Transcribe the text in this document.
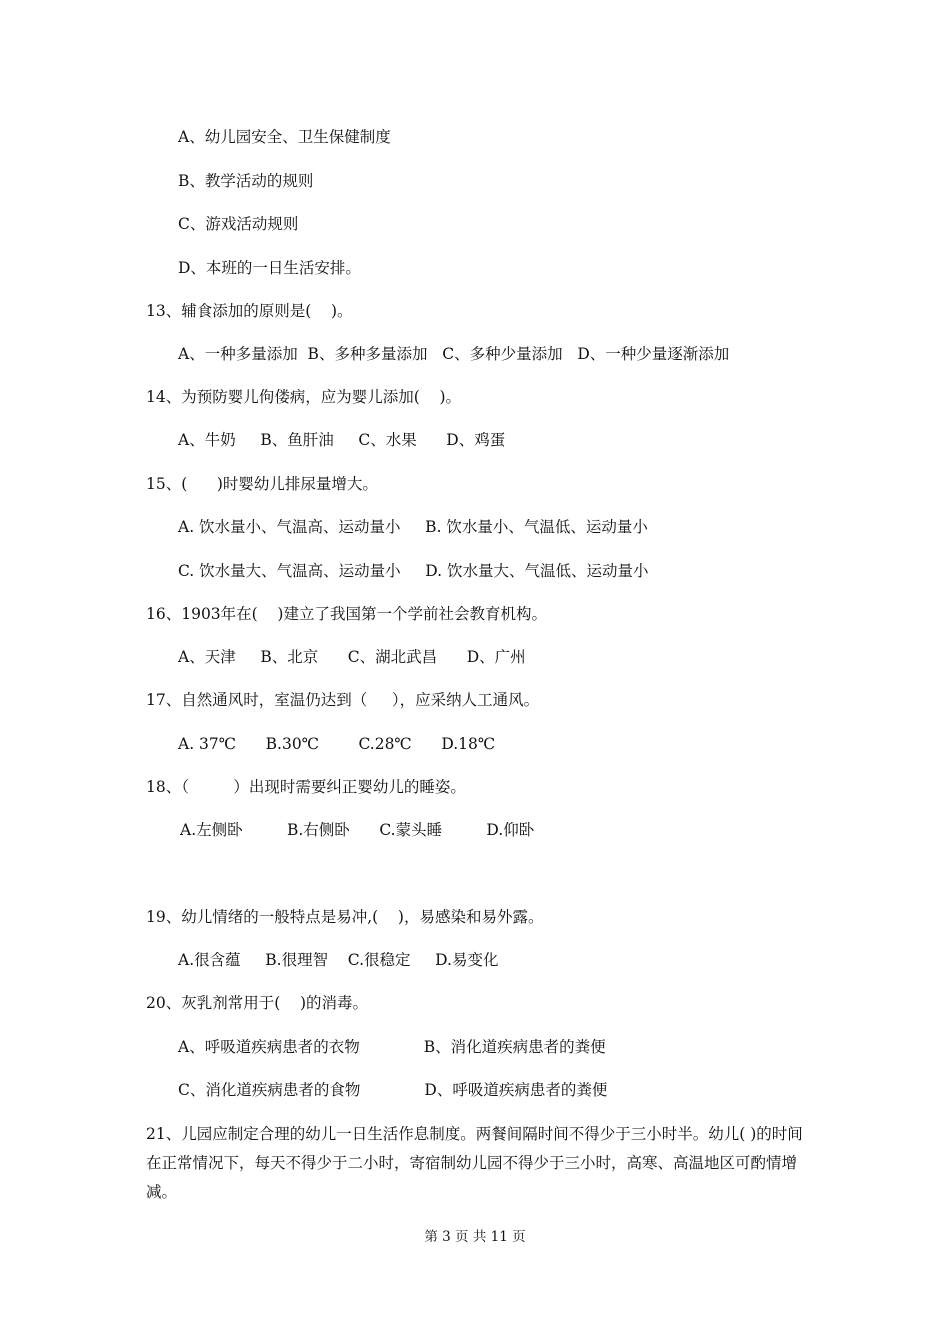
A、幼儿园安全、卫生保健制度
B、教学活动的规则
C、游戏活动规则
D、本班的一日生活安排。
13、辅食添加的原则是(    )。
A、一种多量添加  B、多种多量添加   C、多种少量添加   D、一种少量逐渐添加
14、为预防婴儿佝偻病，应为婴儿添加(    )。
A、牛奶     B、鱼肝油     C、水果      D、鸡蛋
15、(      )时婴幼儿排尿量增大。
A. 饮水量小、气温高、运动量小     B. 饮水量小、气温低、运动量小
C. 饮水量大、气温高、运动量小     D. 饮水量大、气温低、运动量小
16、1903年在(    )建立了我国第一个学前社会教育机构。
A、天津     B、北京      C、湖北武昌      D、广州
17、自然通风时，室温仍达到（     ），应采纳人工通风。
A. 37℃      B.30℃        C.28℃      D.18℃
18、（         ）出现时需要纠正婴幼儿的睡姿。
A.左侧卧         B.右侧卧      C.蒙头睡         D.仰卧
19、幼儿情绪的一般特点是易冲,(    )，易感染和易外露。
A.很含蕴     B.很理智    C.很稳定     D.易变化
20、灰乳剂常用于(    )的消毒。
A、呼吸道疾病患者的衣物             B、消化道疾病患者的粪便
C、消化道疾病患者的食物             D、呼吸道疾病患者的粪便
21、儿园应制定合理的幼儿一日生活作息制度。两餐间隔时间不得少于三小时半。幼儿( )的时间在正常情况下，每天不得少于二小时，寄宿制幼儿园不得少于三小时，高寒、高温地区可酌情增减。
第 3 页 共 11 页
